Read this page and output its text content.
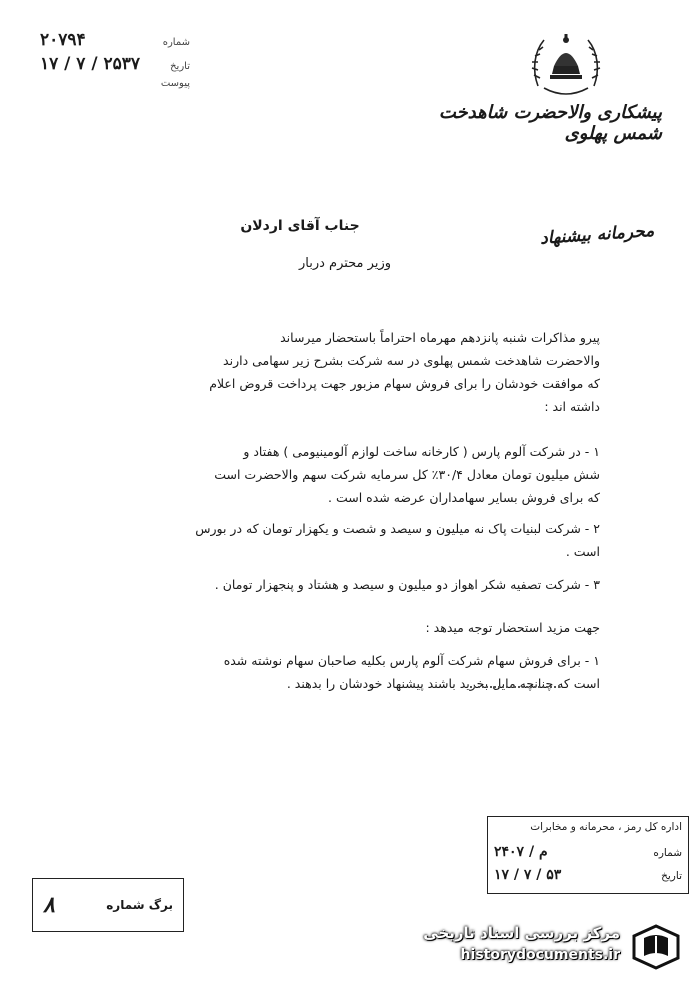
۲۰۷۹۴	شماره
۱۷ / ۷ / ۲۵۳۷	تاریخ
پیوست
پیشکاری والاحضرت شاهدخت شمس پهلوی
جناب آقای اردلان
وزیر محترم دربار
محرمانه بیشنهاد

پیرو مذاکرات شنبه پانزدهم مهرماه احتراماً باستحضار میرساند

والاحضرت شاهدخت شمس پهلوی در سه شرکت بشرح زیر سهامی دارند

که موافقت خودشان را برای فروش سهام مزبور جهت پرداخت قروض اعلام

داشته اند :

۱ - در شرکت آلوم پارس ( کارخانه ساخت لوازم آلومینیومی ) هفتاد و

شش میلیون تومان معادل ۳۰/۴٪ کل سرمایه شرکت سهم والاحضرت است

که برای فروش بسایر سهامداران عرضه شده است .

۲ - شرکت لبنیات پاک نه میلیون و سیصد و شصت و یکهزار تومان که در بورس

است .

۳ - شرکت تصفیه شکر اهواز دو میلیون و سیصد و هشتاد و پنجهزار تومان .

جهت مزید استحضار توجه میدهد :

۱ - برای فروش سهام شرکت آلوم پارس بکلیه صاحبان سهام نوشته شده

است که چنانچه مایل بخرید باشند پیشنهاد خودشان را بدهند .

اداره کل رمز ، محرمانه و مخابرات
شماره
۲۴۰۷ / م
تاریخ
۱۷ / ۷ / ۵۳
برگ شماره
۸
مرکز بررسی اسناد تاریخی
historydocuments.ir
